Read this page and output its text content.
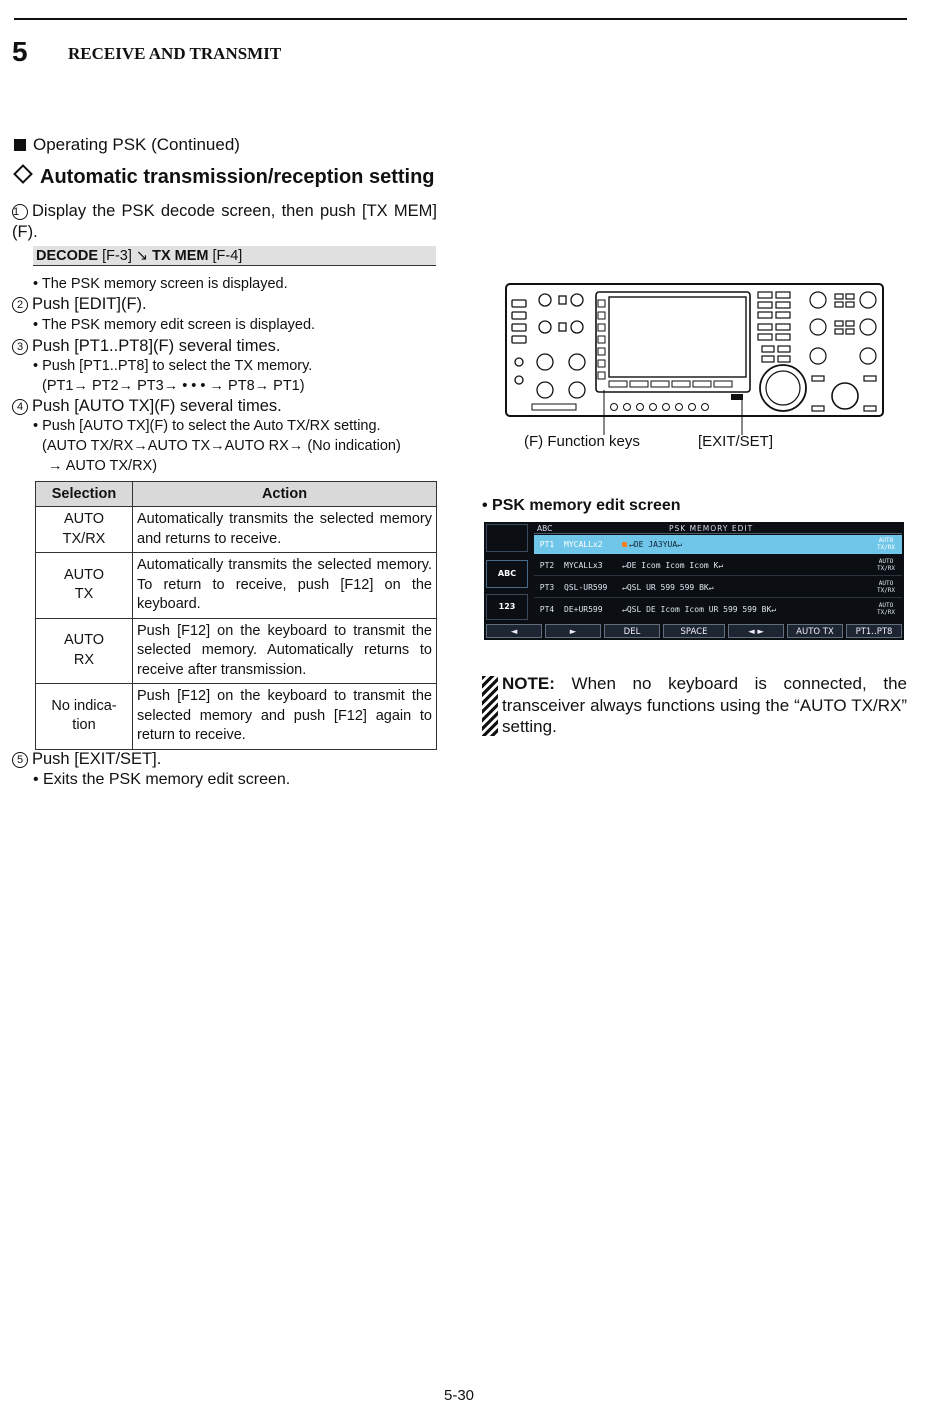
5 RECEIVE AND TRANSMIT
Operating PSK (Continued)
Automatic transmission/reception setting
1 Display the PSK decode screen, then push [TX MEM](F).
DECODE [F-3] ↘ TX MEM [F-4]
• The PSK memory screen is displayed.
2 Push [EDIT](F).
• The PSK memory edit screen is displayed.
3 Push [PT1..PT8](F) several times.
• Push [PT1..PT8] to select the TX memory.
(PT1→ PT2→ PT3→ • • • → PT8→ PT1)
4 Push [AUTO TX](F) several times.
• Push [AUTO TX](F) to select the Auto TX/RX setting.
(AUTO TX/RX→AUTO TX→AUTO RX→ (No indication)
→ AUTO TX/RX)
Selection	Action
AUTO
TX/RX	Automatically transmits the selected memory and returns to receive.
AUTO
TX	Automatically transmits the selected memory. To return to receive, push [F12] on the keyboard.
AUTO
RX	Push [F12] on the keyboard to transmit the selected memory. Automatically returns to receive after transmission.
No indica-
tion	Push [F12] on the keyboard to transmit the selected memory and push [F12] again to return to receive.
5 Push [EXIT/SET].
• Exits the PSK memory edit screen.
(F) Function keys	[EXIT/SET]
• PSK memory edit screen
ABC	PSK MEMORY EDIT
ABC
123
PT1	MYCALLx2	↵DE JA3YUA↵	AUTO
TX/RX
PT2	MYCALLx3	↵DE Icom Icom Icom K↵	AUTO
TX/RX
PT3	QSL-UR599	↵QSL UR 599 599 BK↵	AUTO
TX/RX
PT4	DE+UR599	↵QSL DE Icom Icom UR 599 599 BK↵	AUTO
TX/RX
◄	►	DEL	SPACE	◄ ►	AUTO TX	PT1..PT8
NOTE: When no keyboard is connected, the transceiver always functions using the “AUTO TX/RX” setting.
5-30
